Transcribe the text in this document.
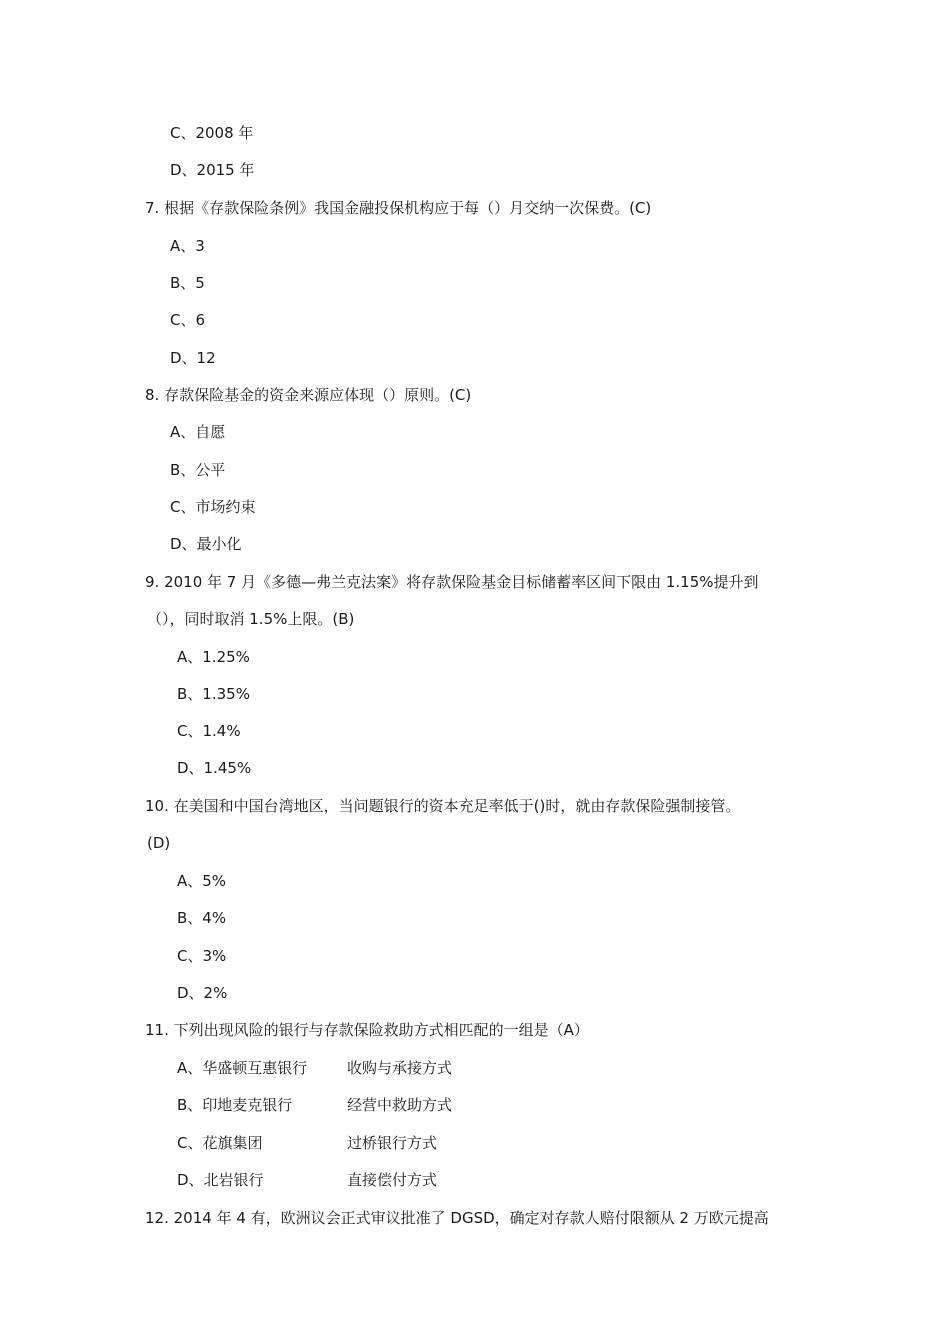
C、2008 年
D、2015 年
7. 根据《存款保险条例》我国金融投保机构应于每（）月交纳一次保费。(C)
A、3
B、5
C、6
D、12
8. 存款保险基金的资金来源应体现（）原则。(C)
A、自愿
B、公平
C、市场约束
D、最小化
9. 2010 年 7 月《多德—弗兰克法案》将存款保险基金目标储蓄率区间下限由 1.15%提升到
（），同时取消 1.5%上限。(B)
A、1.25%
B、1.35%
C、1.4%
D、1.45%
10. 在美国和中国台湾地区，当问题银行的资本充足率低于()时，就由存款保险强制接管。
(D)
A、5%
B、4%
C、3%
D、2%
11. 下列出现风险的银行与存款保险救助方式相匹配的一组是（A）
A、华盛顿互惠银行	收购与承接方式
B、印地麦克银行	经营中救助方式
C、花旗集团	过桥银行方式
D、北岩银行	直接偿付方式
12. 2014 年 4 有，欧洲议会正式审议批准了 DGSD，确定对存款人赔付限额从 2 万欧元提高
